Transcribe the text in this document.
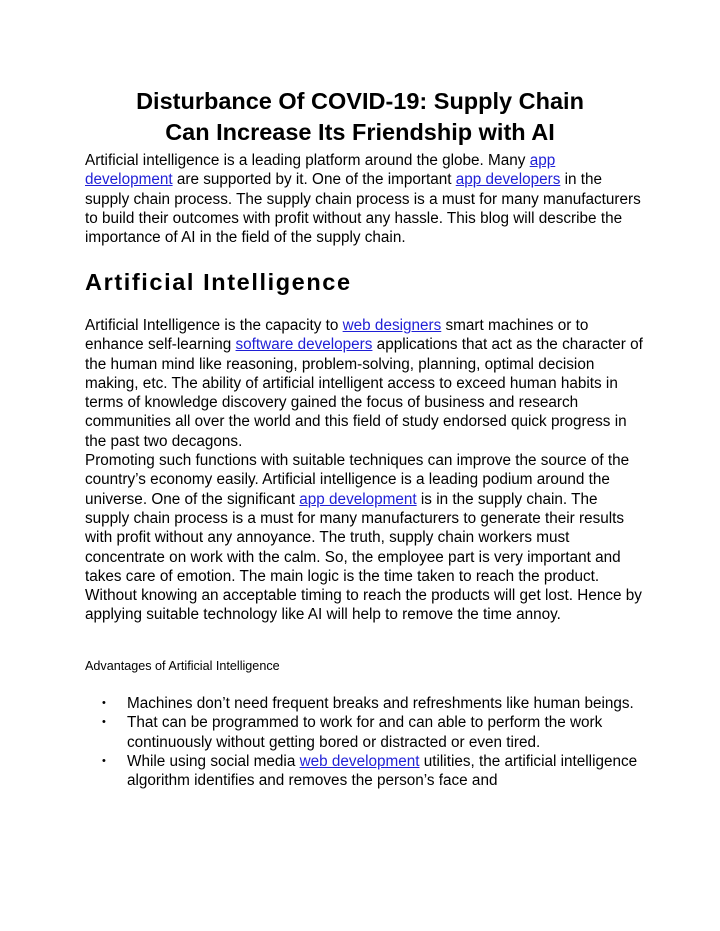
Disturbance Of COVID-19: Supply Chain
Can Increase Its Friendship with AI

Artificial intelligence is a leading platform around the globe. Many app development are supported by it. One of the important app developers in the supply chain process. The supply chain process is a must for many manufacturers to build their outcomes with profit without any hassle. This blog will describe the importance of AI in the field of the supply chain.

Artificial Intelligence

Artificial Intelligence is the capacity to web designers smart machines or to enhance self-learning software developers applications that act as the character of the human mind like reasoning, problem-solving, planning, optimal decision making, etc. The ability of artificial intelligent access to exceed human habits in terms of knowledge discovery gained the focus of business and research communities all over the world and this field of study endorsed quick progress in the past two decagons.
Promoting such functions with suitable techniques can improve the source of the country’s economy easily. Artificial intelligence is a leading podium around the universe. One of the significant app development is in the supply chain. The supply chain process is a must for many manufacturers to generate their results with profit without any annoyance. The truth, supply chain workers must concentrate on work with the calm. So, the employee part is very important and takes care of emotion. The main logic is the time taken to reach the product. Without knowing an acceptable timing to reach the products will get lost. Hence by applying suitable technology like AI will help to remove the time annoy.

Advantages of Artificial Intelligence

• Machines don’t need frequent breaks and refreshments like human beings.
• That can be programmed to work for and can able to perform the work continuously without getting bored or distracted or even tired.
• While using social media web development utilities, the artificial intelligence algorithm identifies and removes the person’s face and
